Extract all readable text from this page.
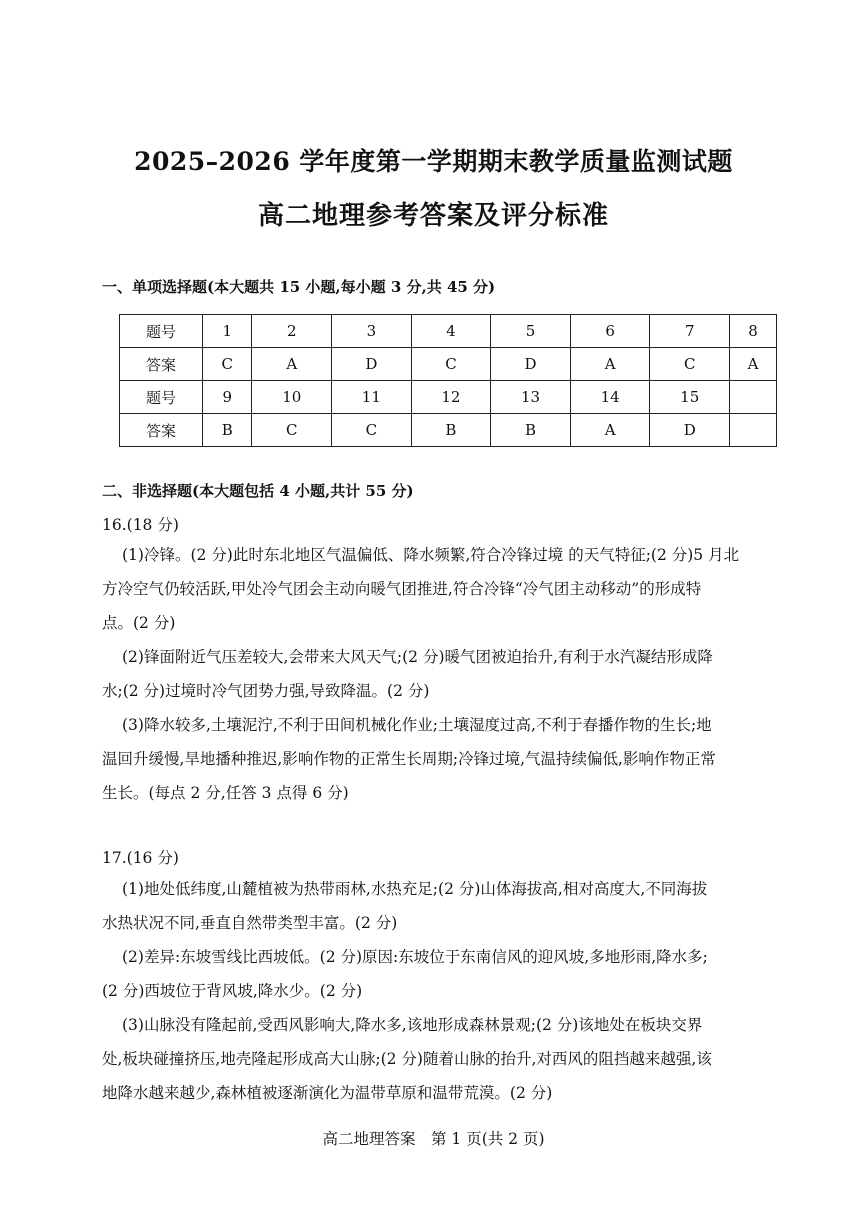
2025–2026 学年度第一学期期末教学质量监测试题
高二地理参考答案及评分标准
一、单项选择题(本大题共 15 小题,每小题 3 分,共 45 分)
题号	1	2	3	4	5	6	7	8
答案	C	A	D	C	D	A	C	A
题号	9	10	11	12	13	14	15	
答案	B	C	C	B	B	A	D	
二、非选择题(本大题包括 4 小题,共计 55 分)
16.(18 分)
(1)冷锋。(2 分)此时东北地区气温偏低、降水频繁,符合冷锋过境 的天气特征;(2 分)5 月北
方冷空气仍较活跃,甲处冷气团会主动向暖气团推进,符合冷锋“冷气团主动移动”的形成特
点。(2 分)
(2)锋面附近气压差较大,会带来大风天气;(2 分)暖气团被迫抬升,有利于水汽凝结形成降
水;(2 分)过境时冷气团势力强,导致降温。(2 分)
(3)降水较多,土壤泥泞,不利于田间机械化作业;土壤湿度过高,不利于春播作物的生长;地
温回升缓慢,旱地播种推迟,影响作物的正常生长周期;冷锋过境,气温持续偏低,影响作物正常
生长。(每点 2 分,任答 3 点得 6 分)
17.(16 分)
(1)地处低纬度,山麓植被为热带雨林,水热充足;(2 分)山体海拔高,相对高度大,不同海拔
水热状况不同,垂直自然带类型丰富。(2 分)
(2)差异:东坡雪线比西坡低。(2 分)原因:东坡位于东南信风的迎风坡,多地形雨,降水多;
(2 分)西坡位于背风坡,降水少。(2 分)
(3)山脉没有隆起前,受西风影响大,降水多,该地形成森林景观;(2 分)该地处在板块交界
处,板块碰撞挤压,地壳隆起形成高大山脉;(2 分)随着山脉的抬升,对西风的阻挡越来越强,该
地降水越来越少,森林植被逐渐演化为温带草原和温带荒漠。(2 分)
高二地理答案　第 1 页(共 2 页)
